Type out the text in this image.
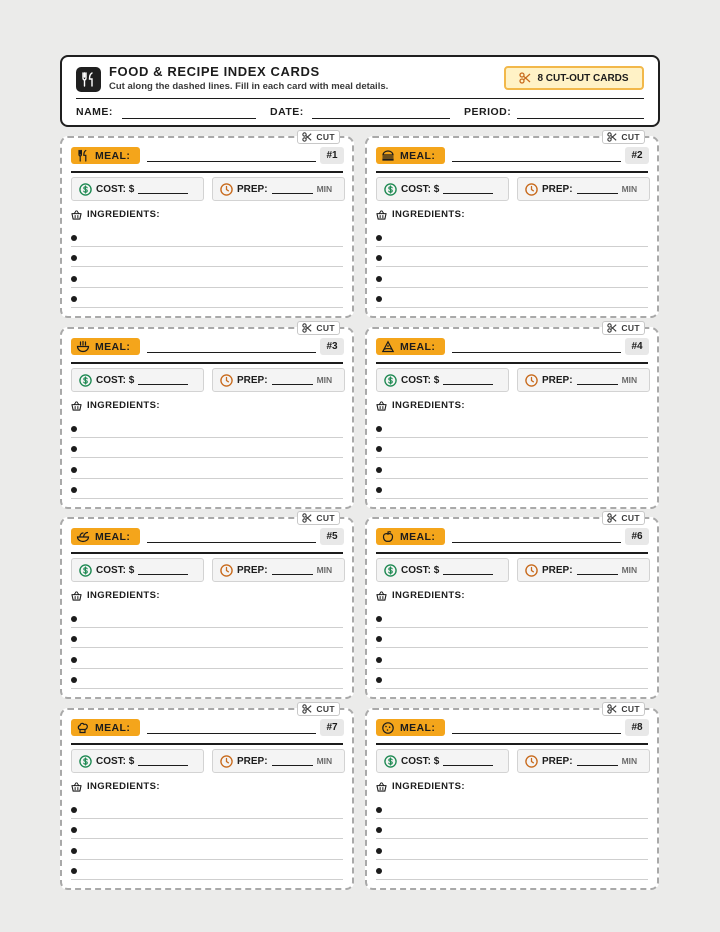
FOOD & RECIPE INDEX CARDS
Cut along the dashed lines. Fill in each card with meal details.
8 CUT-OUT CARDS
NAME:	DATE:	PERIOD:
CUT
MEAL:	#1
COST: $	PREP:	MIN
INGREDIENTS:
CUT
MEAL:	#2
COST: $	PREP:	MIN
INGREDIENTS:
CUT
MEAL:	#3
COST: $	PREP:	MIN
INGREDIENTS:
CUT
MEAL:	#4
COST: $	PREP:	MIN
INGREDIENTS:
CUT
MEAL:	#5
COST: $	PREP:	MIN
INGREDIENTS:
CUT
MEAL:	#6
COST: $	PREP:	MIN
INGREDIENTS:
CUT
MEAL:	#7
COST: $	PREP:	MIN
INGREDIENTS:
CUT
MEAL:	#8
COST: $	PREP:	MIN
INGREDIENTS:
